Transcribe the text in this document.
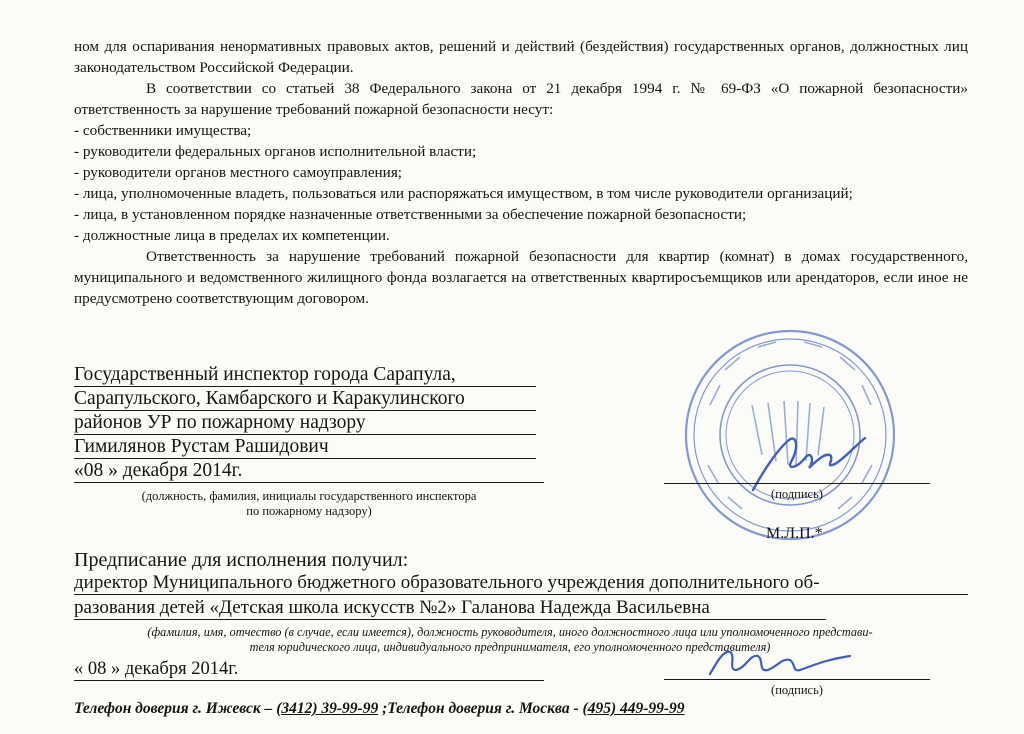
ном для оспаривания ненормативных правовых актов, решений и действий (бездействия) государственных органов, должностных лиц законодательством Российской Федерации.

В соответствии со статьей 38 Федерального закона от 21 декабря 1994 г. № 69-ФЗ «О пожарной безопасности» ответственность за нарушение требований пожарной безопасности несут:

- собственники имущества;

- руководители федеральных органов исполнительной власти;

- руководители органов местного самоуправления;

- лица, уполномоченные владеть, пользоваться или распоряжаться имуществом, в том числе руководители организаций;

- лица, в установленном порядке назначенные ответственными за обеспечение пожарной безопасности;

- должностные лица в пределах их компетенции.

Ответственность за нарушение требований пожарной безопасности для квартир (комнат) в домах государственного, муниципального и ведомственного жилищного фонда возлагается на ответственных квартиросъемщиков или арендаторов, если иное не предусмотрено соответствующим договором.

Государственный инспектор города Сарапула,
Сарапульского, Камбарского и Каракулинского
районов УР по пожарному надзору
Гимилянов Рустам Рашидович
«08 » декабря 2014г.
(должность, фамилия, инициалы государственного инспектора
по пожарному надзору)
(подпись)
М.Л.П.*
Предписание для исполнения получил:
директор Муниципального бюджетного образовательного учреждения дополнительного об-
разования детей «Детская школа искусств №2» Галанова Надежда Васильевна
(фамилия, имя, отчество (в случае, если имеется), должность руководителя, иного должностного лица или уполномоченного представи-
теля юридического лица, индивидуального предпринимателя, его уполномоченного представителя)
« 08 » декабря 2014г.
(подпись)
Телефон доверия г. Ижевск – (3412) 39-99-99 ;Телефон доверия г. Москва - (495) 449-99-99
